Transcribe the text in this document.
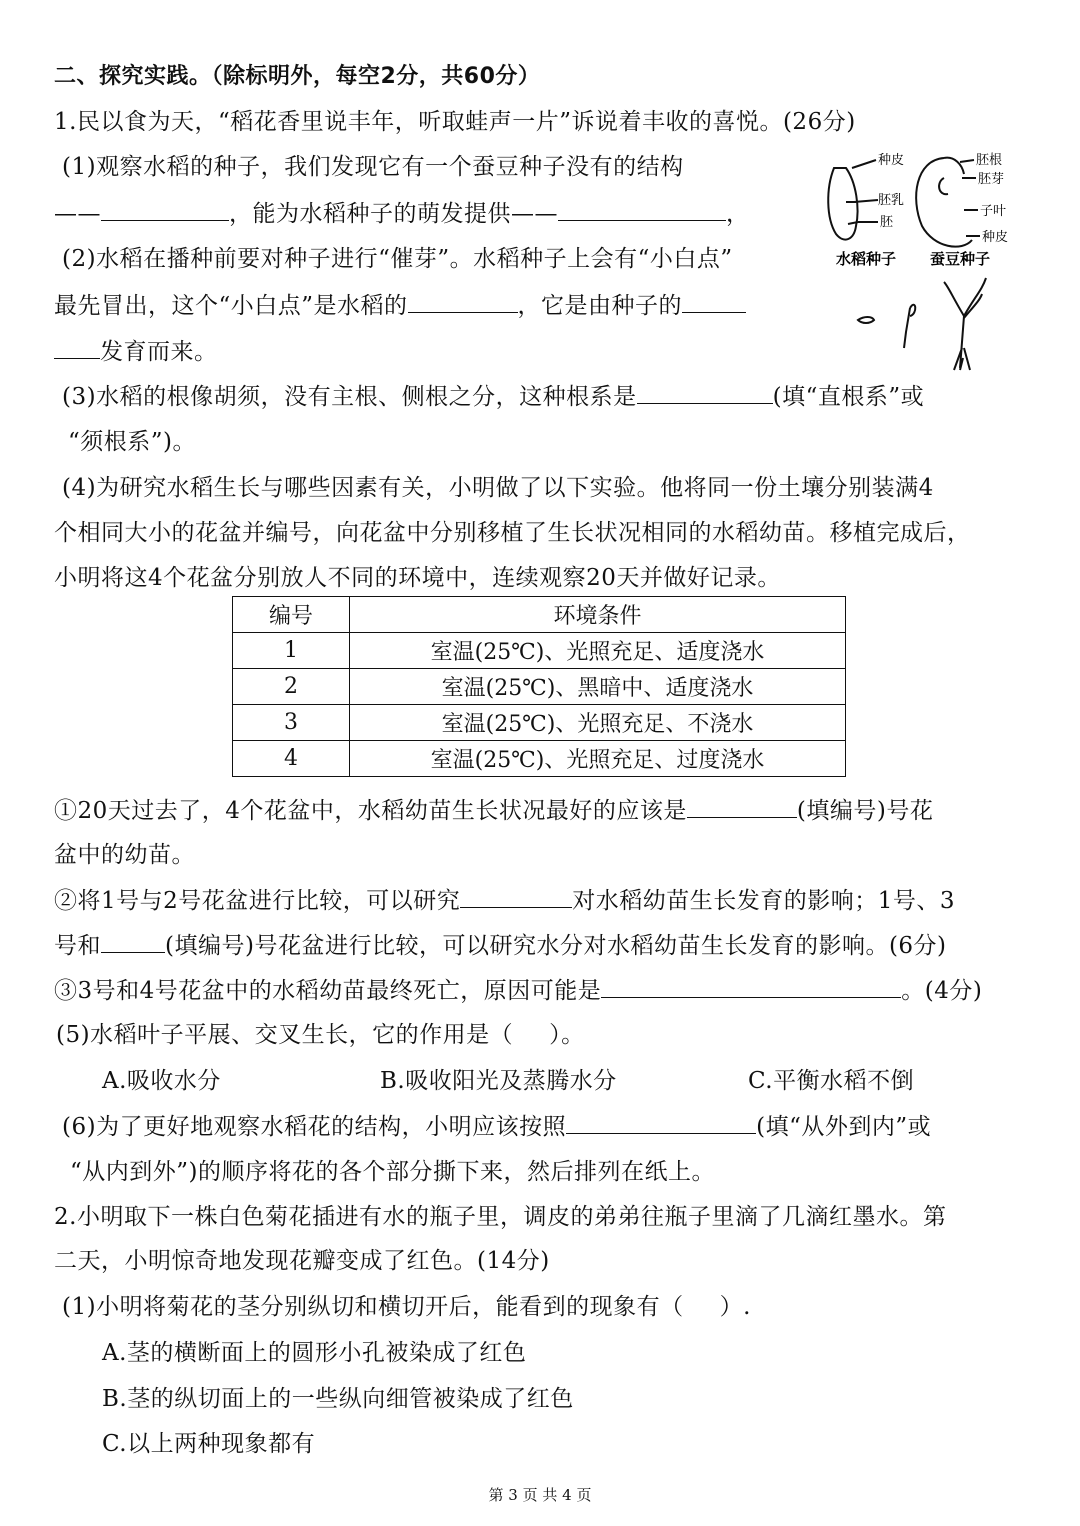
二、探究实践。（除标明外，每空2分，共60分）
1.民以食为天，“稻花香里说丰年，听取蛙声一片”诉说着丰收的喜悦。(26分)
(1)观察水稻的种子，我们发现它有一个蚕豆种子没有的结构
——	，能为水稻种子的萌发提供——	，
(2)水稻在播种前要对种子进行“催芽”。水稻种子上会有“小白点”
最先冒出，这个“小白点”是水稻的	，它是由种子的
发育而来。
种皮
胚乳
胚
胚根
胚芽
子叶
种皮
水稻种子 蚕豆种子
(3)水稻的根像胡须，没有主根、侧根之分，这种根系是	(填“直根系”或
“须根系”)。
(4)为研究水稻生长与哪些因素有关，小明做了以下实验。他将同一份土壤分别装满4
个相同大小的花盆并编号，向花盆中分别移植了生长状况相同的水稻幼苗。移植完成后，
小明将这4个花盆分别放人不同的环境中，连续观察20天并做好记录。
编号	环境条件
1	室温(25℃)、光照充足、适度浇水
2	室温(25℃)、黑暗中、适度浇水
3	室温(25℃)、光照充足、不浇水
4	室温(25℃)、光照充足、过度浇水
①20天过去了，4个花盆中，水稻幼苗生长状况最好的应该是	(填编号)号花
盆中的幼苗。
②将1号与2号花盆进行比较，可以研究	对水稻幼苗生长发育的影响；1号、3
号和	(填编号)号花盆进行比较，可以研究水分对水稻幼苗生长发育的影响。(6分)
③3号和4号花盆中的水稻幼苗最终死亡，原因可能是	。(4分)
(5)水稻叶子平展、交叉生长，它的作用是（ ）。
A.吸收水分	B.吸收阳光及蒸腾水分	C.平衡水稻不倒
(6)为了更好地观察水稻花的结构，小明应该按照	(填“从外到内”或
“从内到外”)的顺序将花的各个部分撕下来，然后排列在纸上。
2.小明取下一株白色菊花插进有水的瓶子里，调皮的弟弟往瓶子里滴了几滴红墨水。第
二天，小明惊奇地发现花瓣变成了红色。(14分)
(1)小明将菊花的茎分别纵切和横切开后，能看到的现象有（ ）.
A.茎的横断面上的圆形小孔被染成了红色
B.茎的纵切面上的一些纵向细管被染成了红色
C.以上两种现象都有
第 3 页 共 4 页
